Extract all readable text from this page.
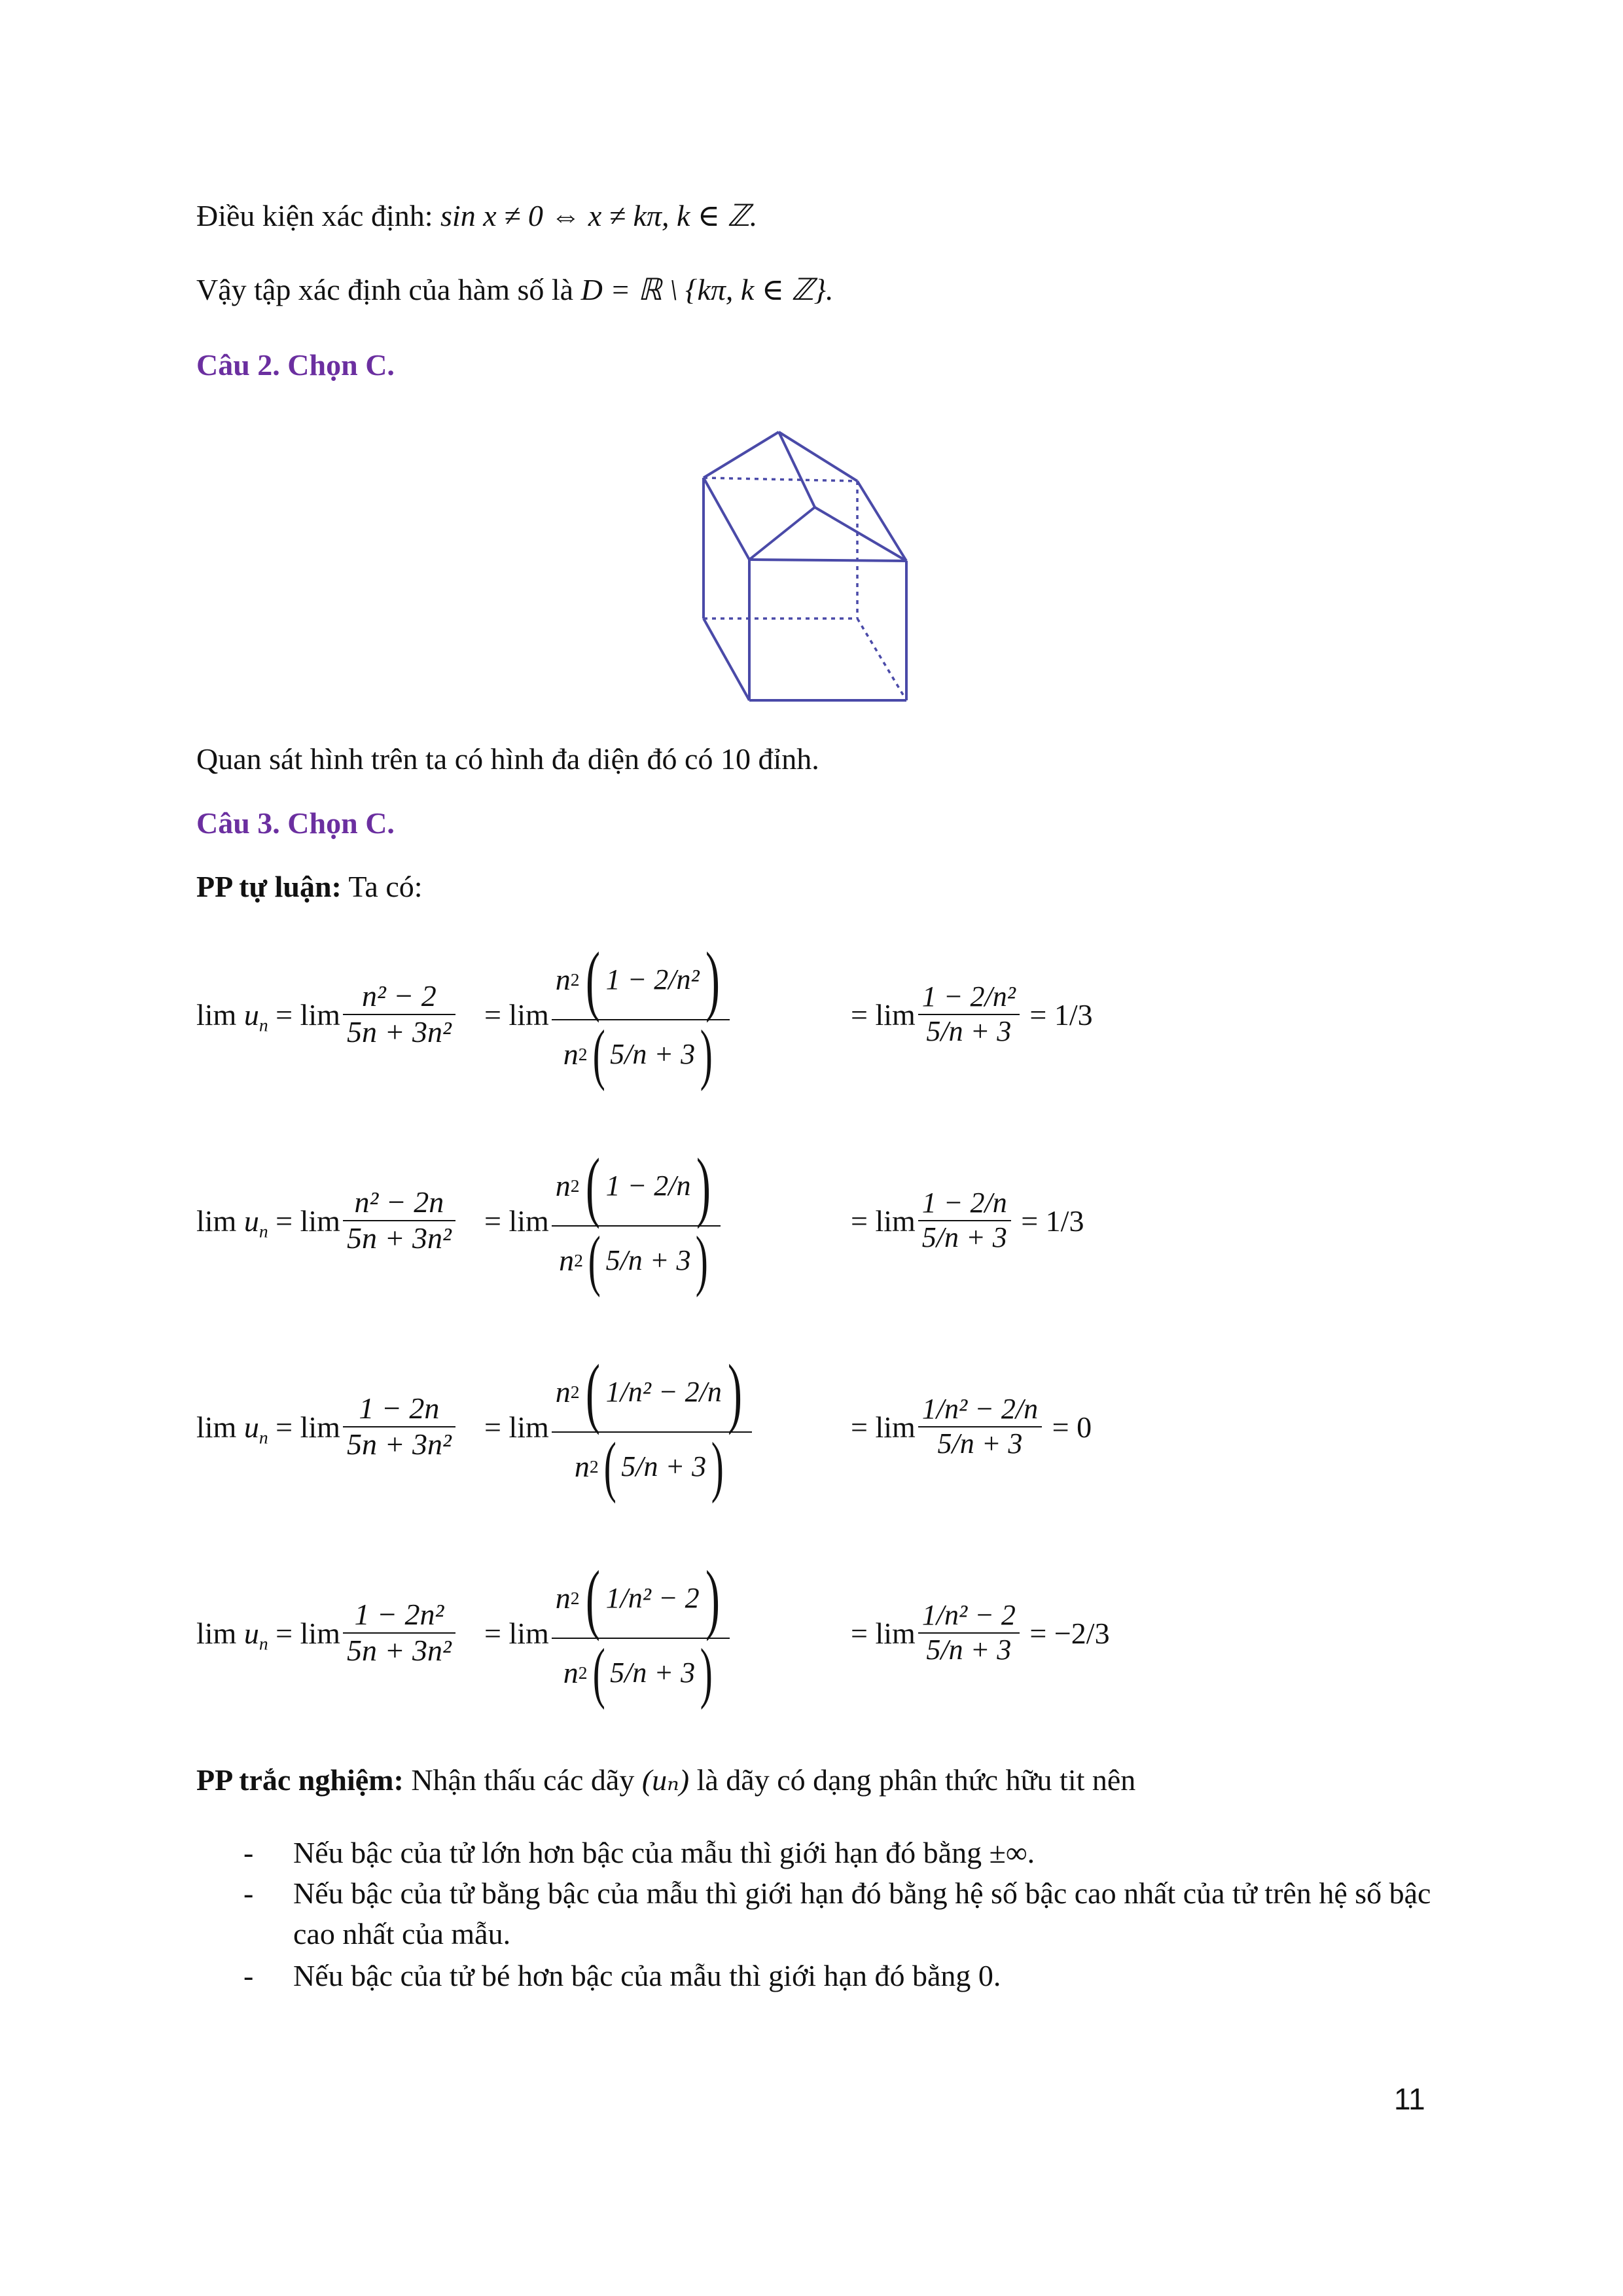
Điều kiện xác định: sin x ≠ 0 ⇔ x ≠ kπ, k ∈ ℤ.
Vậy tập xác định của hàm số là D = ℝ \ {kπ, k ∈ ℤ}.
Câu 2. Chọn C.
Quan sát hình trên ta có hình đa diện đó có 10 đỉnh.
Câu 3. Chọn C.
PP tự luận: Ta có:
lim
$u_n = \lim \frac{\text{n² − 2}}{\text{5n + 3n²}} = \lim \frac{\text{n 2 ( 1 − 2/n² )}}{n 2 ( 5/n + 3 )}$	= $\lim \frac{\text{1 − 2/n²}}{5/n + 3} = 1/3$
lim
$u_n = \lim \frac{\text{n² − 2n}}{\text{5n + 3n²}} = \lim \frac{n 2 ( 1 - 2/n )}{n 2 ( 5/n + 3 )}$	= $\lim \frac{1 - 2/n}{5/n + 3} = 1/3$
lim
$u_n = \lim \frac{1 - 2n}{\text{5n + 3n²}} = \lim \frac{\text{n 2 ( 1/n² − 2/n )}}{n 2 ( 5/n + 3 )}$	= $\lim \frac{\text{1/n² − 2/n}}{5/n + 3} = 0$
lim
$u_n = \lim \frac{\text{1 − 2n²}}{\text{5n + 3n²}} = \lim \frac{\text{n 2 ( 1/n² − 2 )}}{n 2 ( 5/n + 3 )}$	= $\lim \frac{\text{1/n² − 2}}{5/n + 3} = -2/3$
PP trắc nghiệm: Nhận thấu các dãy (uₙ) là dãy có dạng phân thức hữu tit nên
- Nếu bậc của tử lớn hơn bậc của mẫu thì giới hạn đó bằng ±∞.
- Nếu bậc của tử bằng bậc của mẫu thì giới hạn đó bằng hệ số bậc cao nhất của tử trên hệ số bậc cao nhất của mẫu.
- Nếu bậc của tử bé hơn bậc của mẫu thì giới hạn đó bằng 0.
11
